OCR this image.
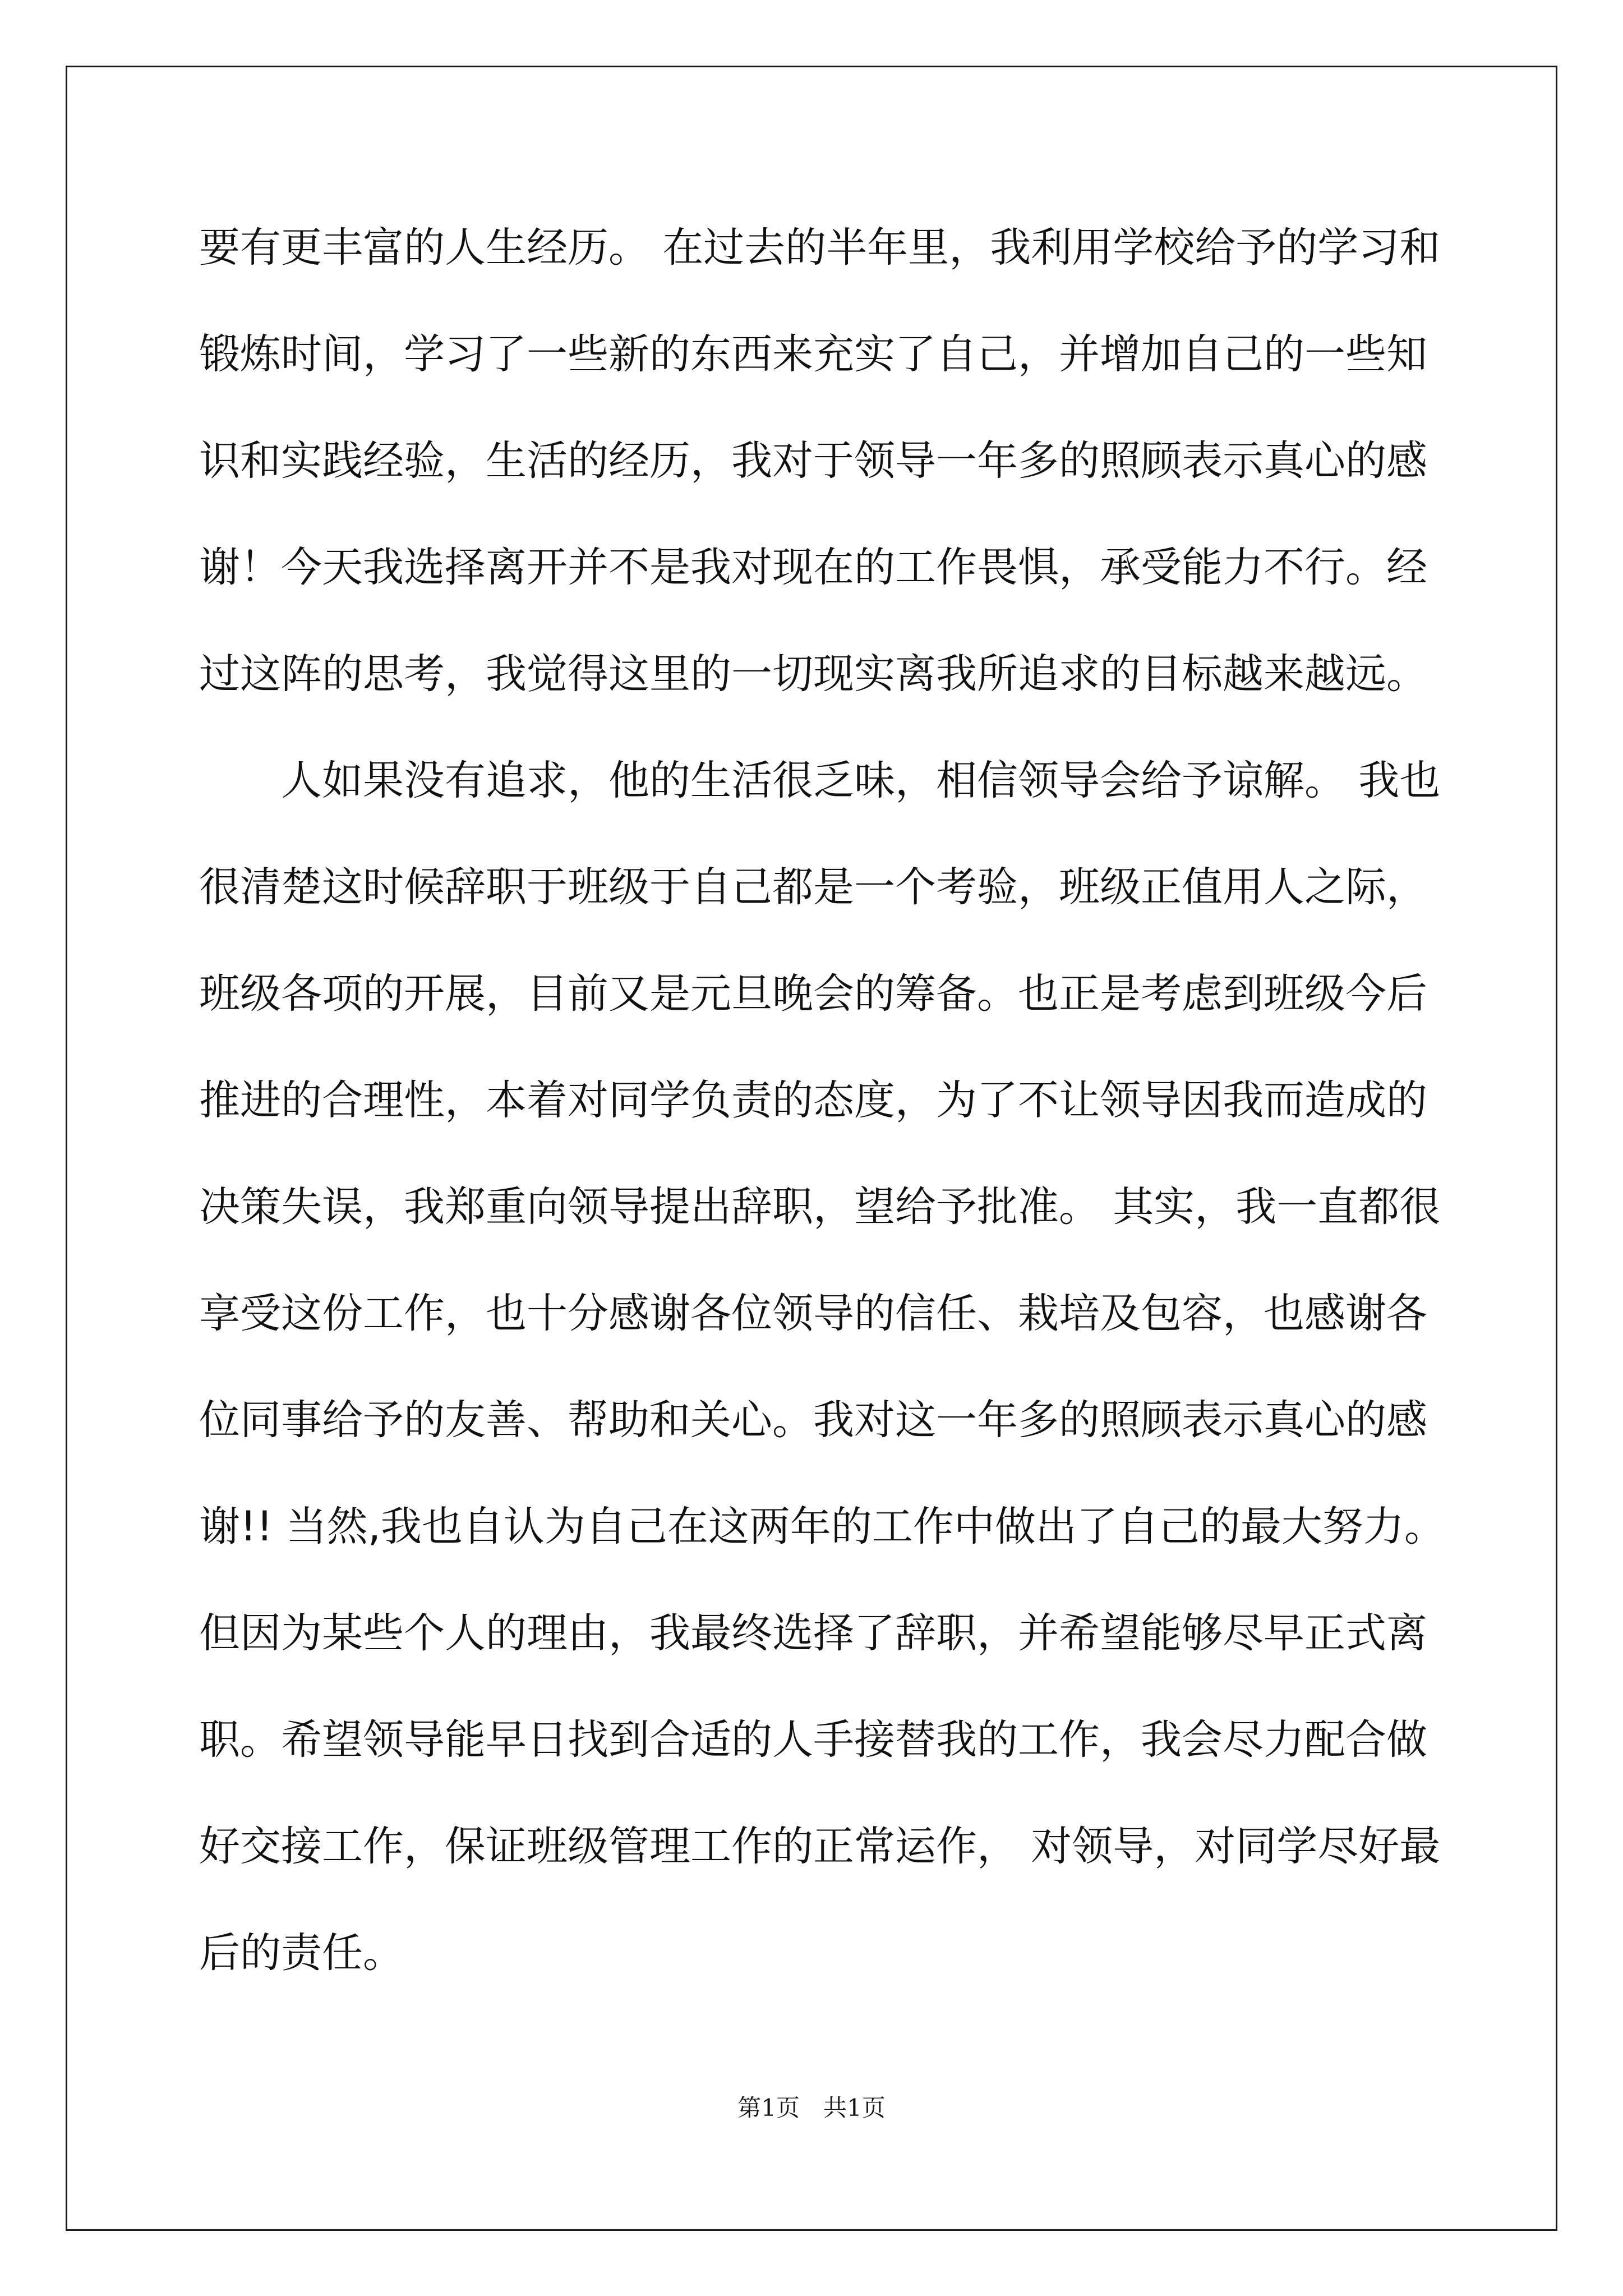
要有更丰富的人生经历。 在过去的半年里，我利用学校给予的学习和
锻炼时间，学习了一些新的东西来充实了自己，并增加自己的一些知
识和实践经验，生活的经历，我对于领导一年多的照顾表示真心的感
谢！今天我选择离开并不是我对现在的工作畏惧，承受能力不行。经
过这阵的思考，我觉得这里的一切现实离我所追求的目标越来越远。
　　人如果没有追求，他的生活很乏味，相信领导会给予谅解。 我也
很清楚这时候辞职于班级于自己都是一个考验，班级正值用人之际，
班级各项的开展，目前又是元旦晚会的筹备。也正是考虑到班级今后
推进的合理性，本着对同学负责的态度，为了不让领导因我而造成的
决策失误，我郑重向领导提出辞职，望给予批准。 其实，我一直都很
享受这份工作，也十分感谢各位领导的信任、栽培及包容，也感谢各
位同事给予的友善、帮助和关心。我对这一年多的照顾表示真心的感
谢!! 当然,我也自认为自己在这两年的工作中做出了自己的最大努力。
但因为某些个人的理由，我最终选择了辞职，并希望能够尽早正式离
职。希望领导能早日找到合适的人手接替我的工作，我会尽力配合做
好交接工作，保证班级管理工作的正常运作， 对领导，对同学尽好最
后的责任。
第1页　共1页
